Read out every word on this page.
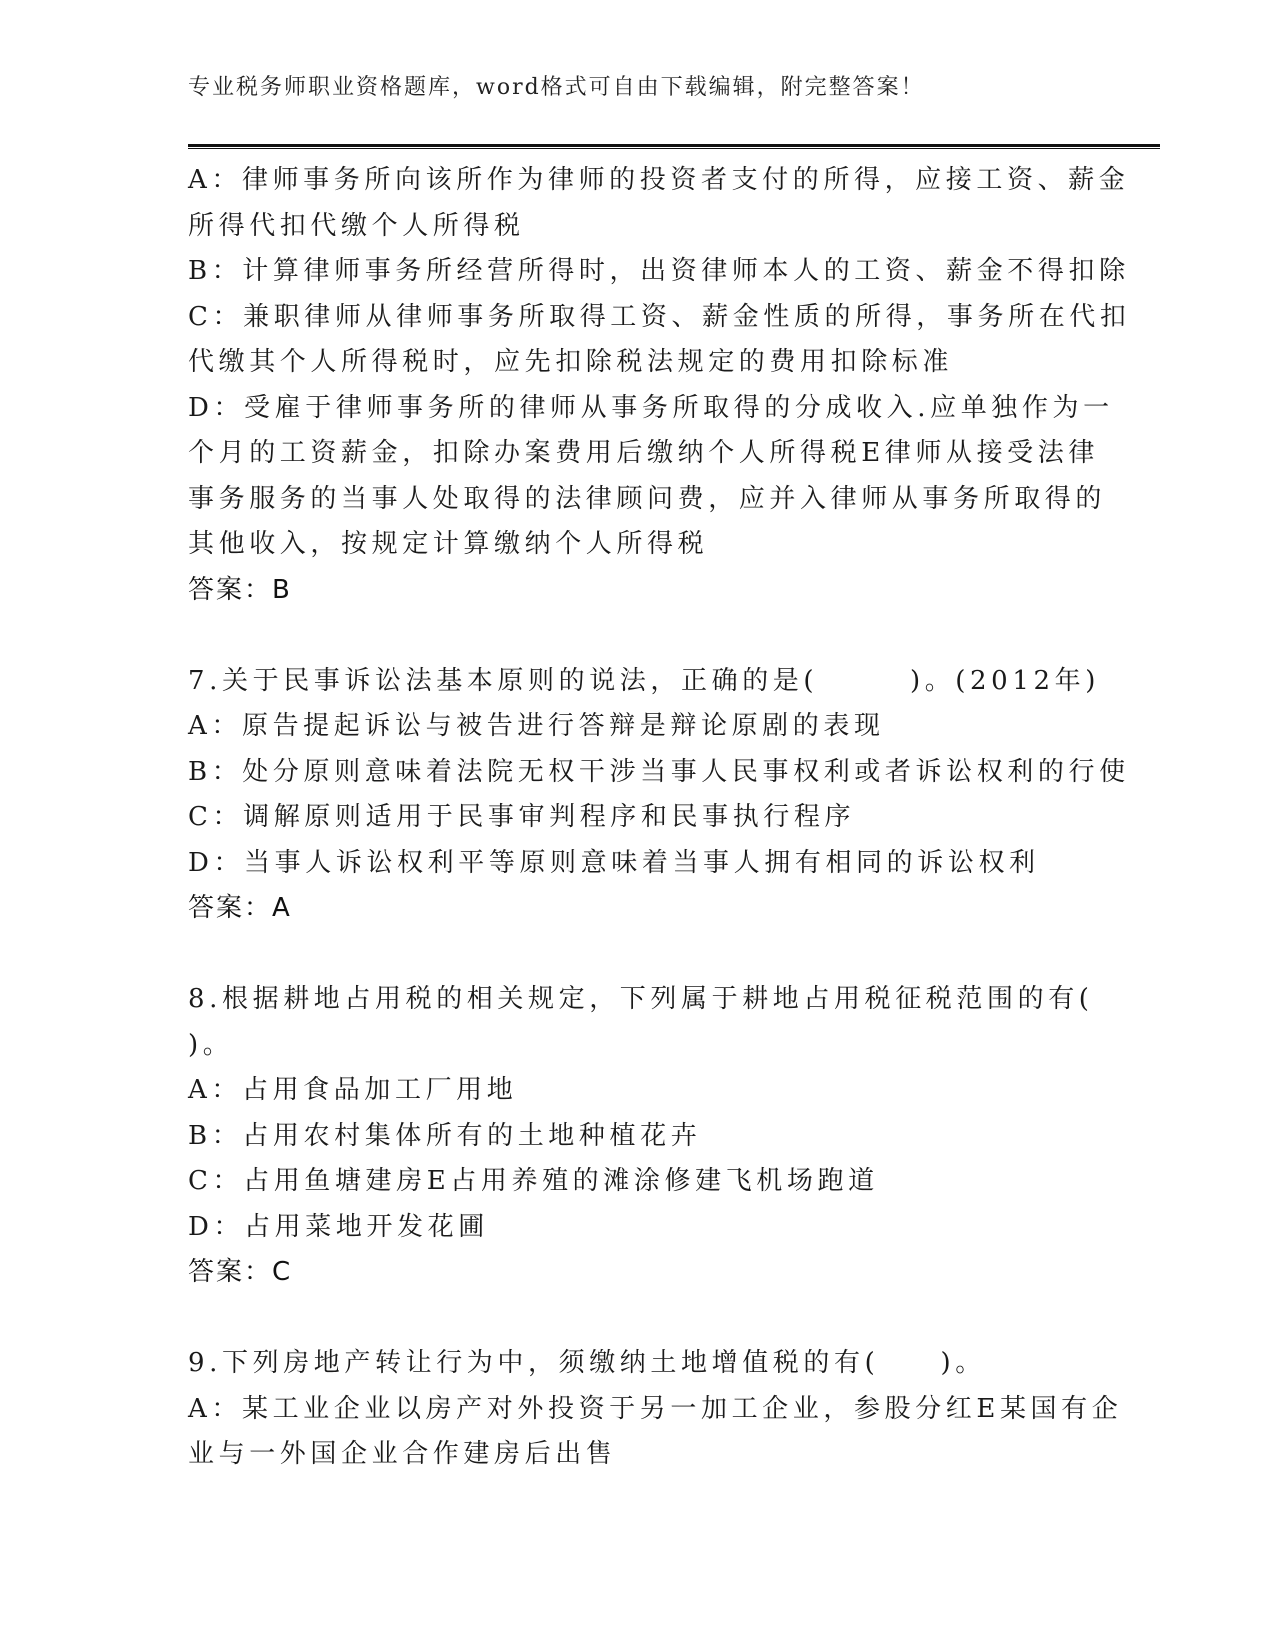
专业税务师职业资格题库，word格式可自由下载编辑，附完整答案！
A：律师事务所向该所作为律师的投资者支付的所得，应接工资、薪金
所得代扣代缴个人所得税
B：计算律师事务所经营所得时，出资律师本人的工资、薪金不得扣除
C：兼职律师从律师事务所取得工资、薪金性质的所得，事务所在代扣
代缴其个人所得税时，应先扣除税法规定的费用扣除标准
D：受雇于律师事务所的律师从事务所取得的分成收入.应单独作为一
个月的工资薪金，扣除办案费用后缴纳个人所得税E律师从接受法律
事务服务的当事人处取得的法律顾问费，应并入律师从事务所取得的
其他收入，按规定计算缴纳个人所得税
答案：B
7.关于民事诉讼法基本原则的说法，正确的是(　　　)。(2012年)
A：原告提起诉讼与被告进行答辩是辩论原剧的表现
B：处分原则意味着法院无权干涉当事人民事权利或者诉讼权利的行使
C：调解原则适用于民事审判程序和民事执行程序
D：当事人诉讼权利平等原则意味着当事人拥有相同的诉讼权利
答案：A
8.根据耕地占用税的相关规定，下列属于耕地占用税征税范围的有(
)。
A：占用食品加工厂用地
B：占用农村集体所有的土地种植花卉
C：占用鱼塘建房E占用养殖的滩涂修建飞机场跑道
D：占用菜地开发花圃
答案：C
9.下列房地产转让行为中，须缴纳土地增值税的有(　　)。
A：某工业企业以房产对外投资于另一加工企业，参股分红E某国有企
业与一外国企业合作建房后出售
